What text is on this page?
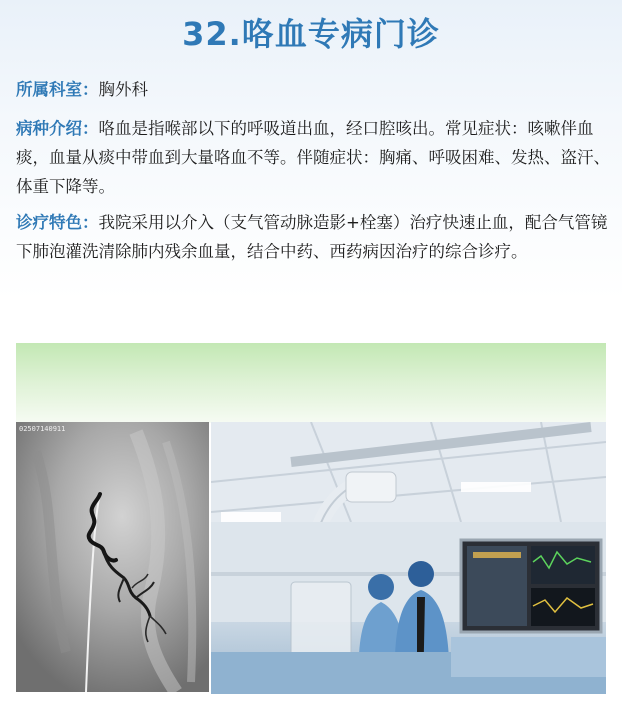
32.咯血专病门诊
所属科室：胸外科
病种介绍：咯血是指喉部以下的呼吸道出血，经口腔咳出。常见症状：咳嗽伴血痰，血量从痰中带血到大量咯血不等。伴随症状：胸痛、呼吸困难、发热、盗汗、体重下降等。
诊疗特色：我院采用以介入（支气管动脉造影+栓塞）治疗快速止血，配合气管镜下肺泡灌洗清除肺内残余血量，结合中药、西药病因治疗的综合诊疗。
02507140911
